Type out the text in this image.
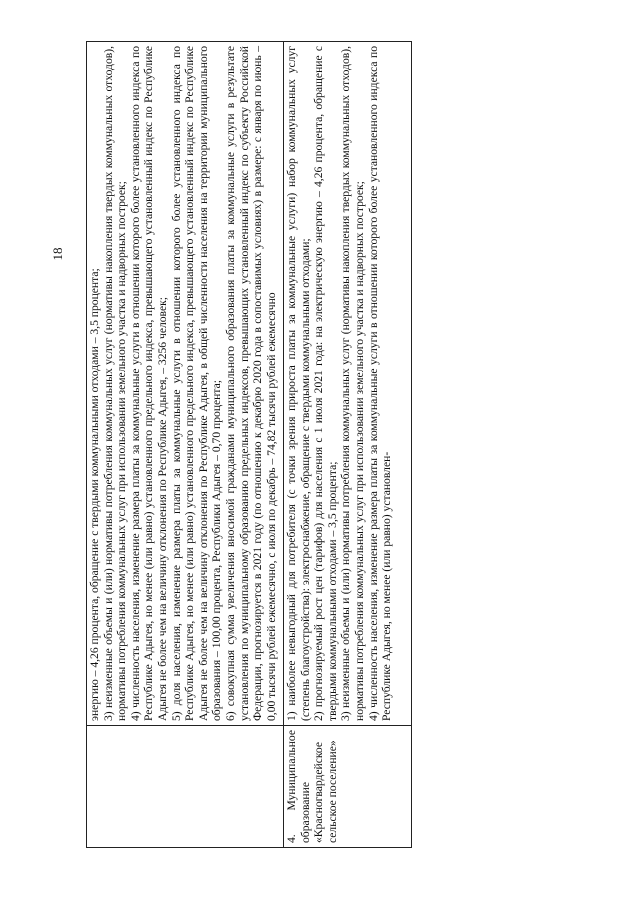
18

	энергию – 4,26 процента, обращение с твердыми коммунальными отходами – 3,5 процента; 3) неизменные объемы и (или) нормативы потребления коммунальных услуг (нормативы накопления твердых коммунальных отходов), нормативы потребления коммунальных услуг при использовании земельного участка и надворных построек; 4) численность населения, изменение размера платы за коммунальные услуги в отношении которого более установленного индекса по Республике Адыгея, но менее (или равно) установленного предельного индекса, превышающего установленный индекс по Республике Адыгея не более чем на величину отклонения по Республике Адыгея, – 3256 человек; 5) доля населения, изменение размера платы за коммунальные услуги в отношении которого более установленного индекса по Республике Адыгея, но менее (или равно) установленного предельного индекса, превышающего установленный индекс по Республике Адыгея не более чем на величину отклонения по Республике Адыгея, в общей численности населения на территории муниципального образования – 100,00 процента, Республики Адыгея – 0,70 процента; 6) совокупная сумма увеличения вносимой гражданами муниципального образования платы за коммунальные услуги в результате установления по муниципальному образованию предельных индексов, превышающих установленный индекс по субъекту Российской Федерации, прогнозируется в 2021 году (по отношению к декабрю 2020 года в сопоставимых условиях) в размере: с января по июнь – 0,00 тысячи рублей ежемесячно, с июля по декабрь – 74,82 тысячи рублей ежемесячно

4. Муниципальное образование «Красногвардейское сельское поселение»	1) наиболее невыгодный для потребителя (с точки зрения прироста платы за коммунальные услуги) набор коммунальных услуг (степень благоустройства): электроснабжение, обращение с твердыми коммунальными отходами; 2) прогнозируемый рост цен (тарифов) для населения с 1 июля 2021 года: на электрическую энергию – 4,26 процента, обращение с твердыми коммунальными отходами – 3,5 процента; 3) неизменные объемы и (или) нормативы потребления коммунальных услуг (нормативы накопления твердых коммунальных отходов), нормативы потребления коммунальных услуг при использовании земельного участка и надворных построек; 4) численность населения, изменение размера платы за коммунальные услуги в отношении которого более установленного индекса по Республике Адыгея, но менее (или равно) установлен-
